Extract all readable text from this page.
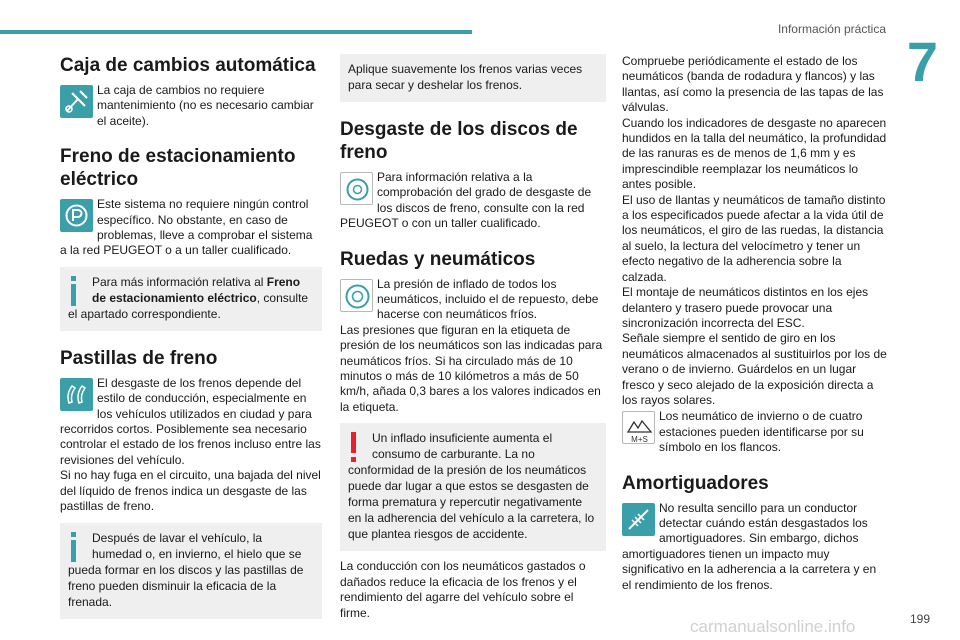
Información práctica
7
Caja de cambios automática

La caja de cambios no requiere mantenimiento (no es necesario cambiar el aceite).

Freno de estacionamiento eléctrico

Este sistema no requiere ningún control específico. No obstante, en caso de problemas, lleve a comprobar el sistema a la red PEUGEOT o a un taller cualificado.

Para más información relativa al Freno de estacionamiento eléctrico, consulte el apartado correspondiente.
Pastillas de freno

El desgaste de los frenos depende del estilo de conducción, especialmente en los vehículos utilizados en ciudad y para recorridos cortos. Posiblemente sea necesario controlar el estado de los frenos incluso entre las revisiones del vehículo.

Si no hay fuga en el circuito, una bajada del nivel del líquido de frenos indica un desgaste de las pastillas de freno.

Después de lavar el vehículo, la humedad o, en invierno, el hielo que se pueda formar en los discos y las pastillas de freno pueden disminuir la eficacia de la frenada.
Aplique suavemente los frenos varias veces para secar y deshelar los frenos.
Desgaste de los discos de freno

Para información relativa a la comprobación del grado de desgaste de los discos de freno, consulte con la red PEUGEOT o con un taller cualificado.

Ruedas y neumáticos

La presión de inflado de todos los neumáticos, incluido el de repuesto, debe hacerse con neumáticos fríos.

Las presiones que figuran en la etiqueta de presión de los neumáticos son las indicadas para neumáticos fríos. Si ha circulado más de 10 minutos o más de 10 kilómetros a más de 50 km/h, añada 0,3 bares a los valores indicados en la etiqueta.

Un inflado insuficiente aumenta el consumo de carburante. La no conformidad de la presión de los neumáticos puede dar lugar a que estos se desgasten de forma prematura y repercutir negativamente en la adherencia del vehículo a la carretera, lo que plantea riesgos de accidente.

La conducción con los neumáticos gastados o dañados reduce la eficacia de los frenos y el rendimiento del agarre del vehículo sobre el firme.

Compruebe periódicamente el estado de los neumáticos (banda de rodadura y flancos) y las llantas, así como la presencia de las tapas de las válvulas.

Cuando los indicadores de desgaste no aparecen hundidos en la talla del neumático, la profundidad de las ranuras es de menos de 1,6 mm y es imprescindible reemplazar los neumáticos lo antes posible.

El uso de llantas y neumáticos de tamaño distinto a los especificados puede afectar a la vida útil de los neumáticos, el giro de las ruedas, la distancia al suelo, la lectura del velocímetro y tener un efecto negativo de la adherencia sobre la calzada.

El montaje de neumáticos distintos en los ejes delantero y trasero puede provocar una sincronización incorrecta del ESC.

Señale siempre el sentido de giro en los neumáticos almacenados al sustituirlos por los de verano o de invierno. Guárdelos en un lugar fresco y seco alejado de la exposición directa a los rayos solares.

M+S

Los neumático de invierno o de cuatro estaciones pueden identificarse por su símbolo en los flancos.

Amortiguadores

No resulta sencillo para un conductor detectar cuándo están desgastados los amortiguadores. Sin embargo, dichos amortiguadores tienen un impacto muy significativo en la adherencia a la carretera y en el rendimiento de los frenos.

199
carmanualsonline.info
